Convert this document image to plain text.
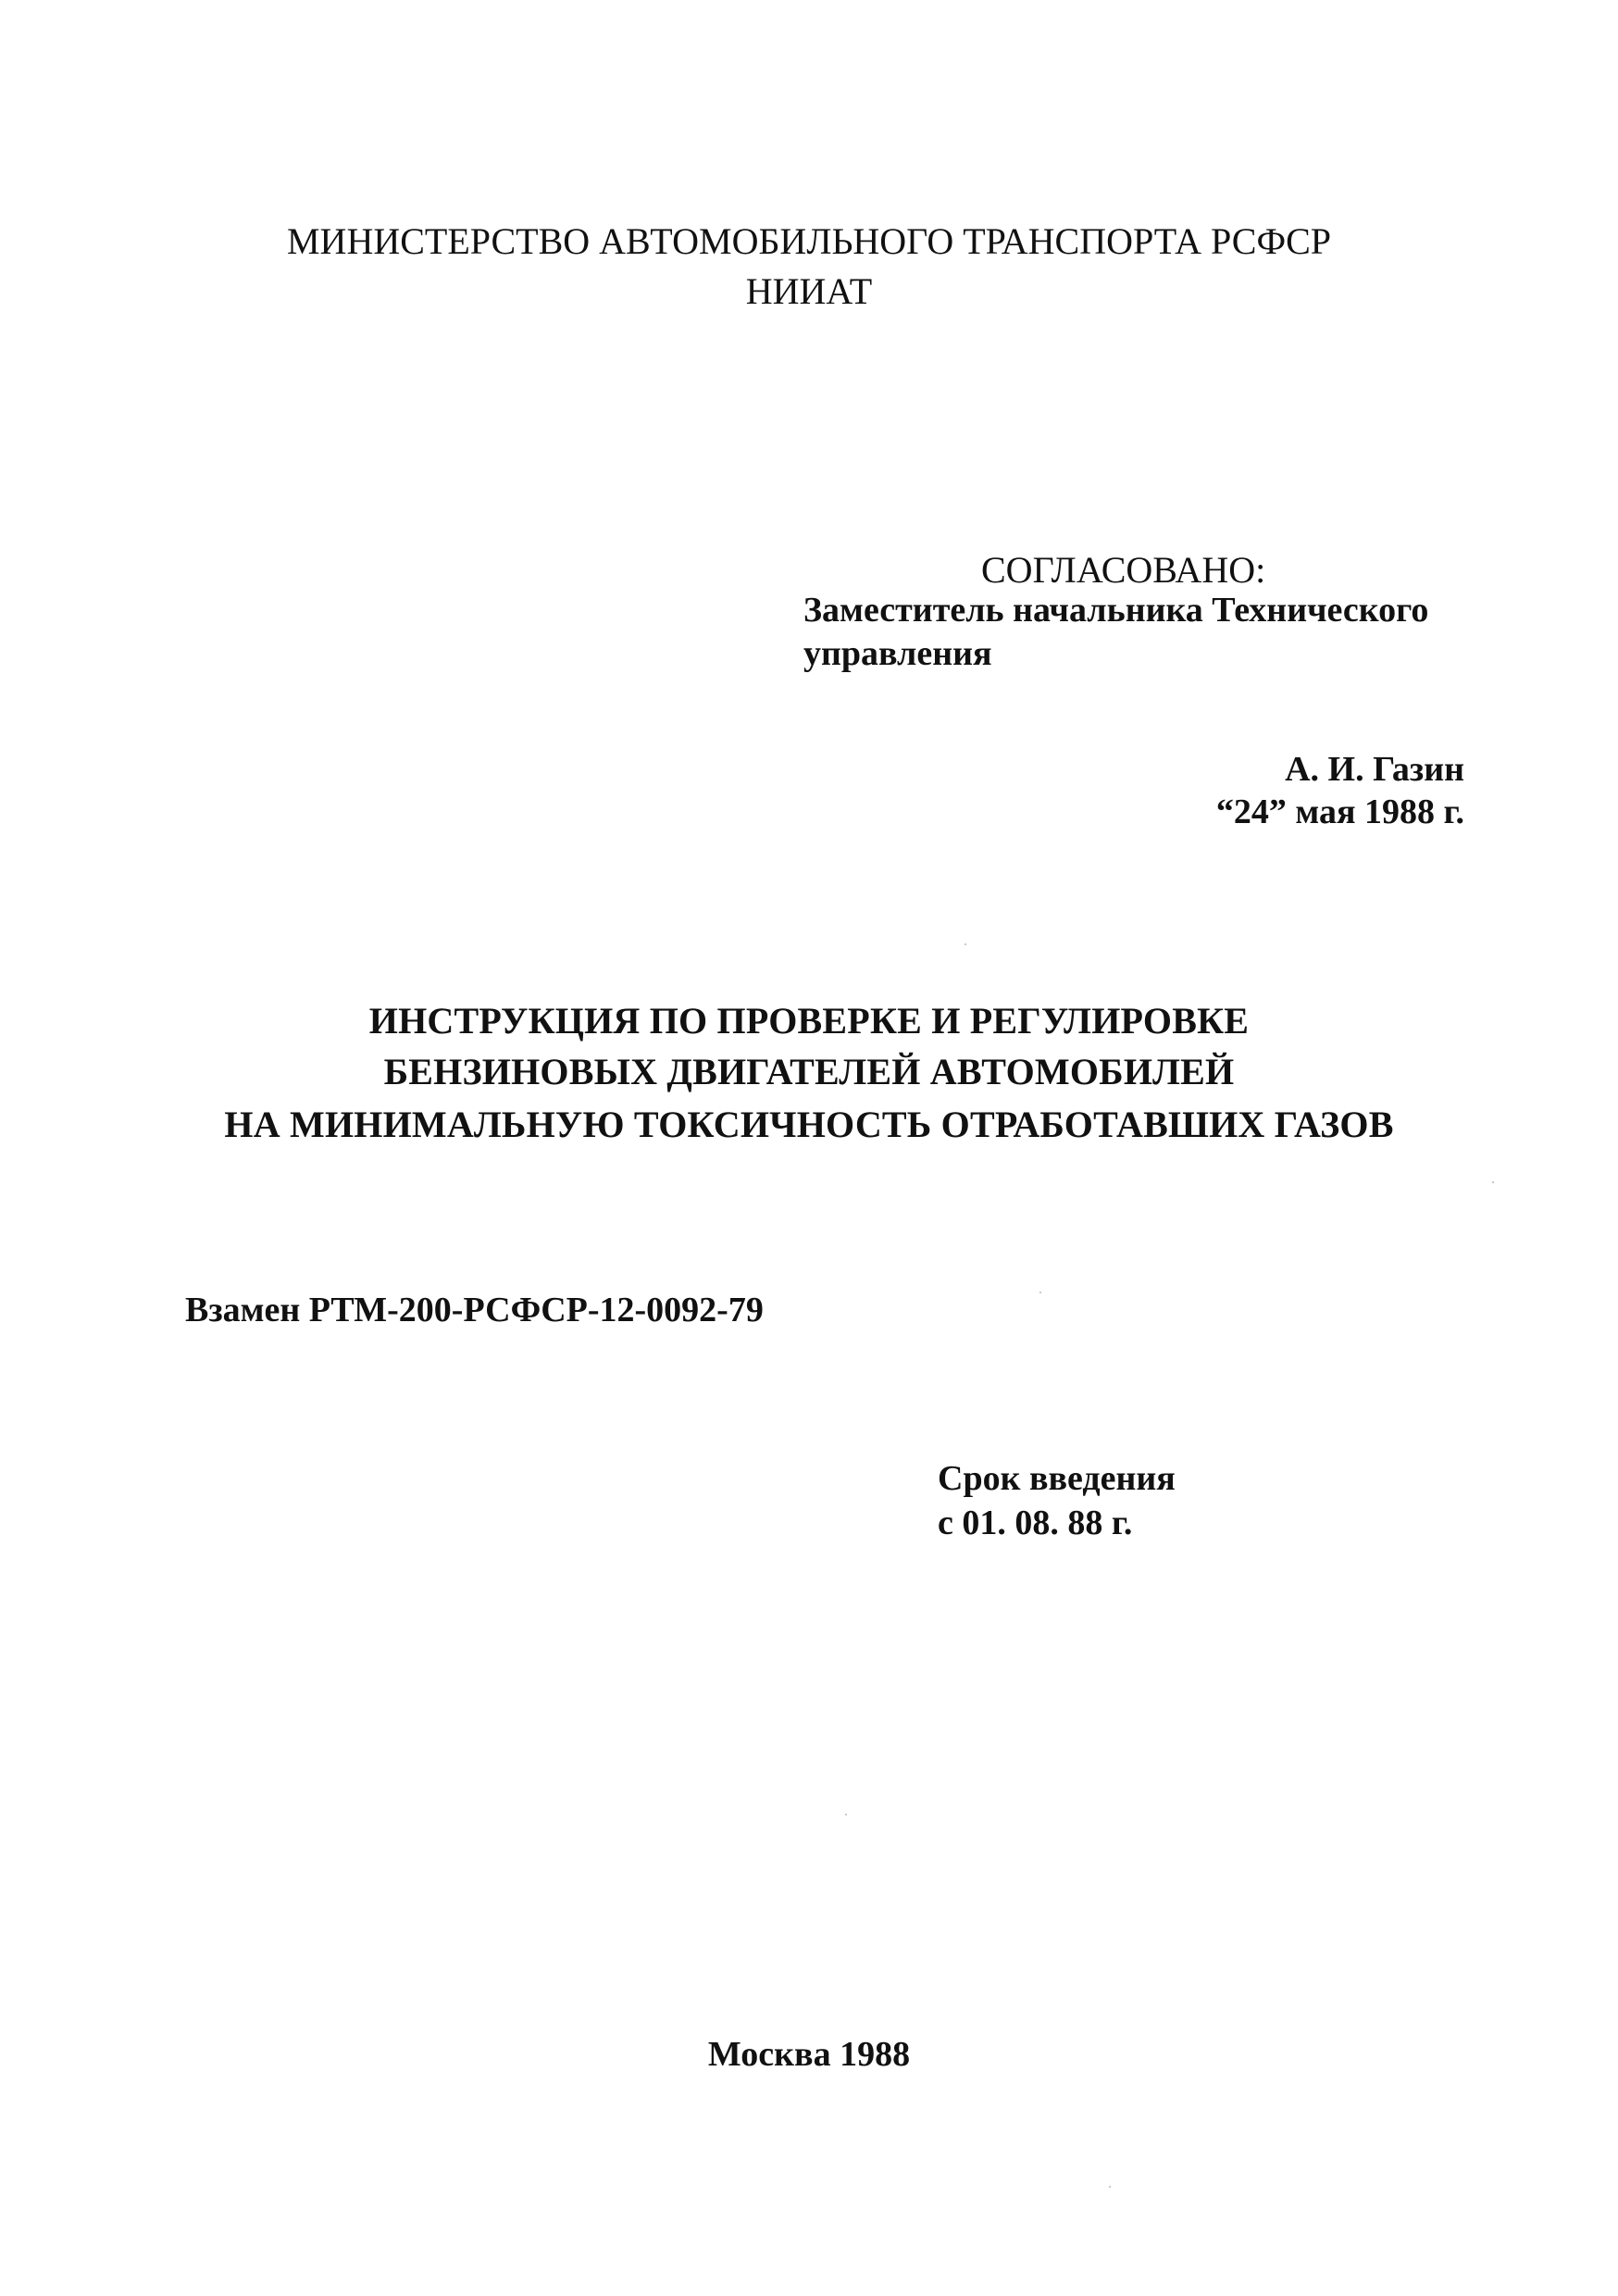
МИНИСТЕРСТВО АВТОМОБИЛЬНОГО ТРАНСПОРТА РСФСР
НИИАТ
СОГЛАСОВАНО:
Заместитель начальника Технического
управления
А. И. Газин
“24” мая 1988 г.
ИНСТРУКЦИЯ ПО ПРОВЕРКЕ И РЕГУЛИРОВКЕ
БЕНЗИНОВЫХ ДВИГАТЕЛЕЙ АВТОМОБИЛЕЙ
НА МИНИМАЛЬНУЮ ТОКСИЧНОСТЬ ОТРАБОТАВШИХ ГАЗОВ
Взамен РТМ-200-РСФСР-12-0092-79
Срок введения
с 01. 08. 88 г.
Москва 1988
